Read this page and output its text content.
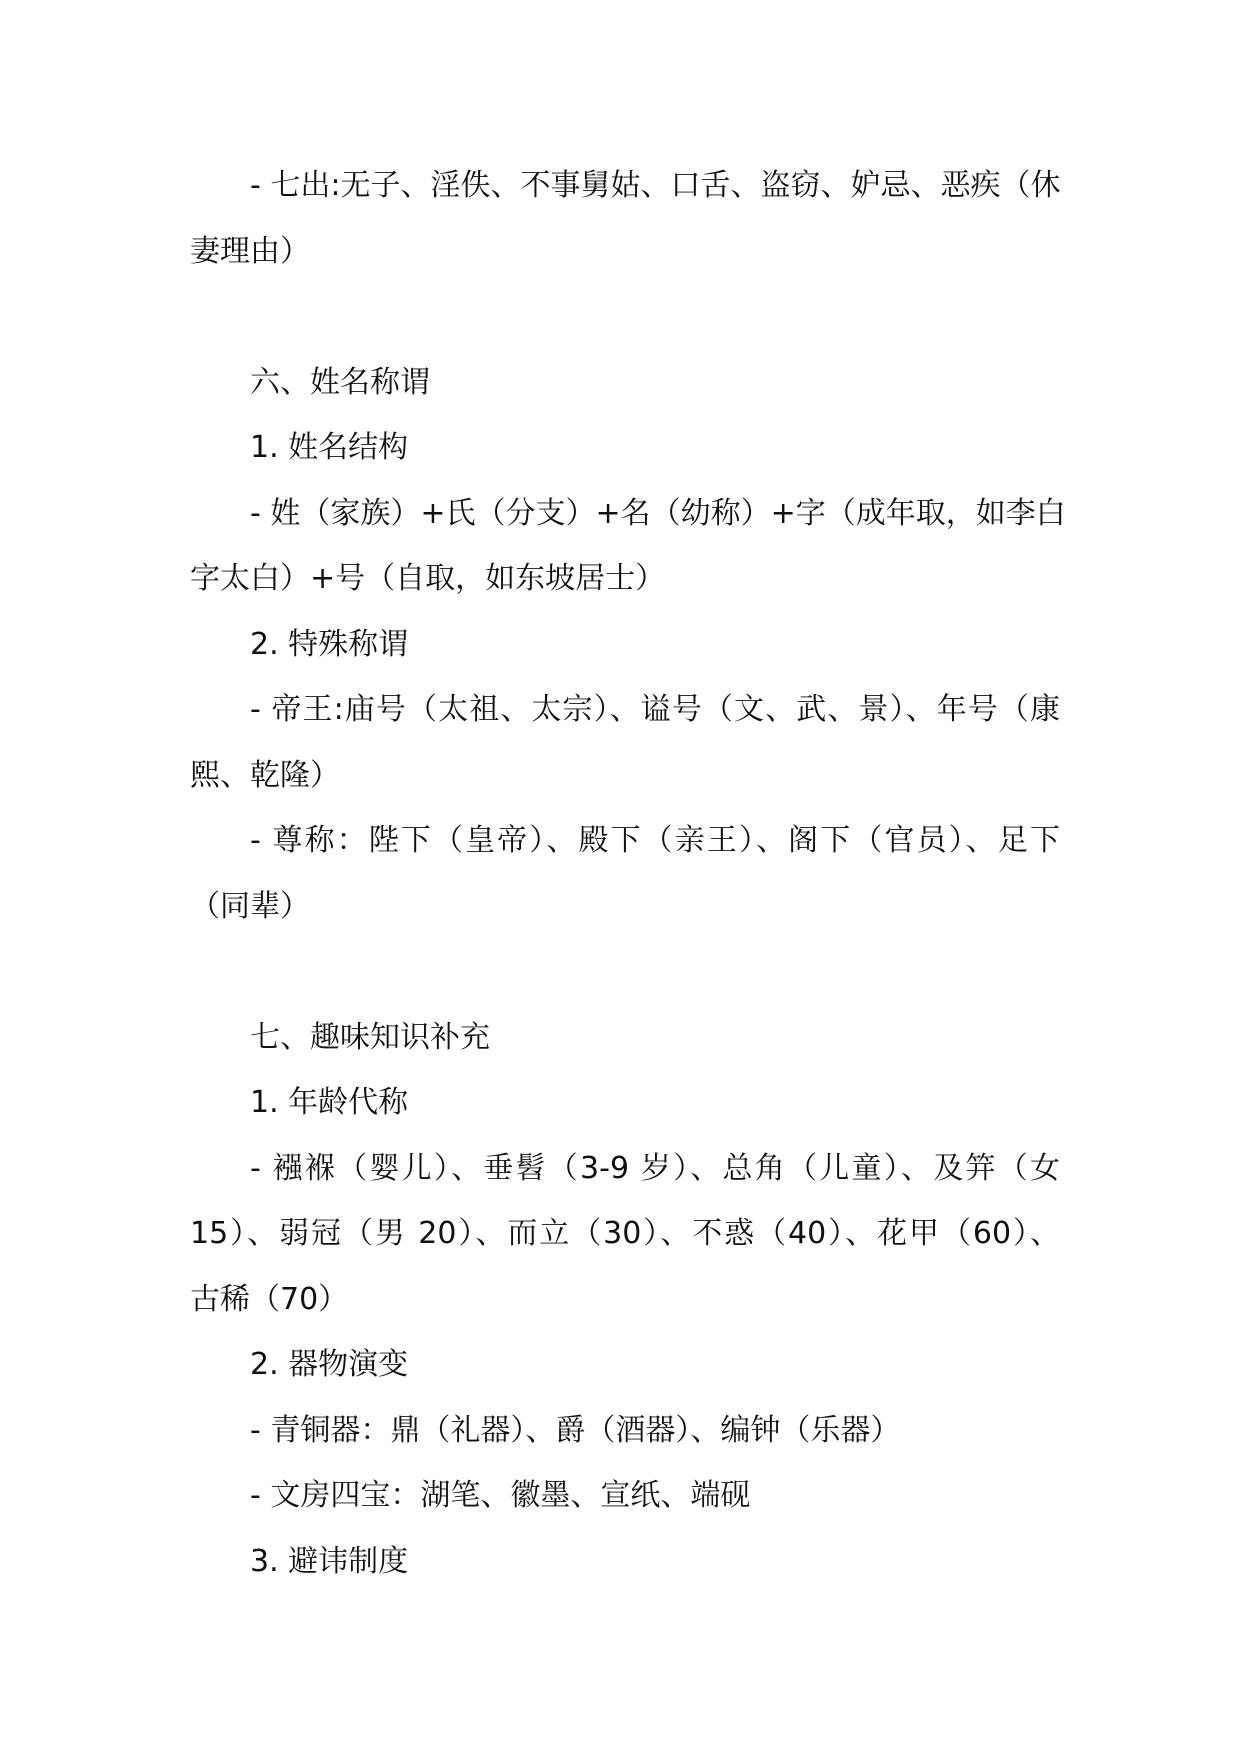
- 七出:无子、淫佚、不事舅姑、口舌、盗窃、妒忌、恶疾（休
妻理由）
六、姓名称谓
1. 姓名结构
- 姓（家族）+氏（分支）+名（幼称）+字（成年取，如李白
字太白）+号（自取，如东坡居士）
2. 特殊称谓
- 帝王:庙号（太祖、太宗）、谥号（文、武、景）、年号（康
熙、乾隆）
- 尊称：陛下（皇帝）、殿下（亲王）、阁下（官员）、足下
（同辈）
七、趣味知识补充
1. 年龄代称
- 襁褓（婴儿）、垂髫（3-9 岁）、总角（儿童）、及笄（女
15）、弱冠（男 20）、而立（30）、不惑（40）、花甲（60）、
古稀（70）
2. 器物演变
- 青铜器：鼎（礼器）、爵（酒器）、编钟（乐器）
- 文房四宝：湖笔、徽墨、宣纸、端砚
3. 避讳制度
